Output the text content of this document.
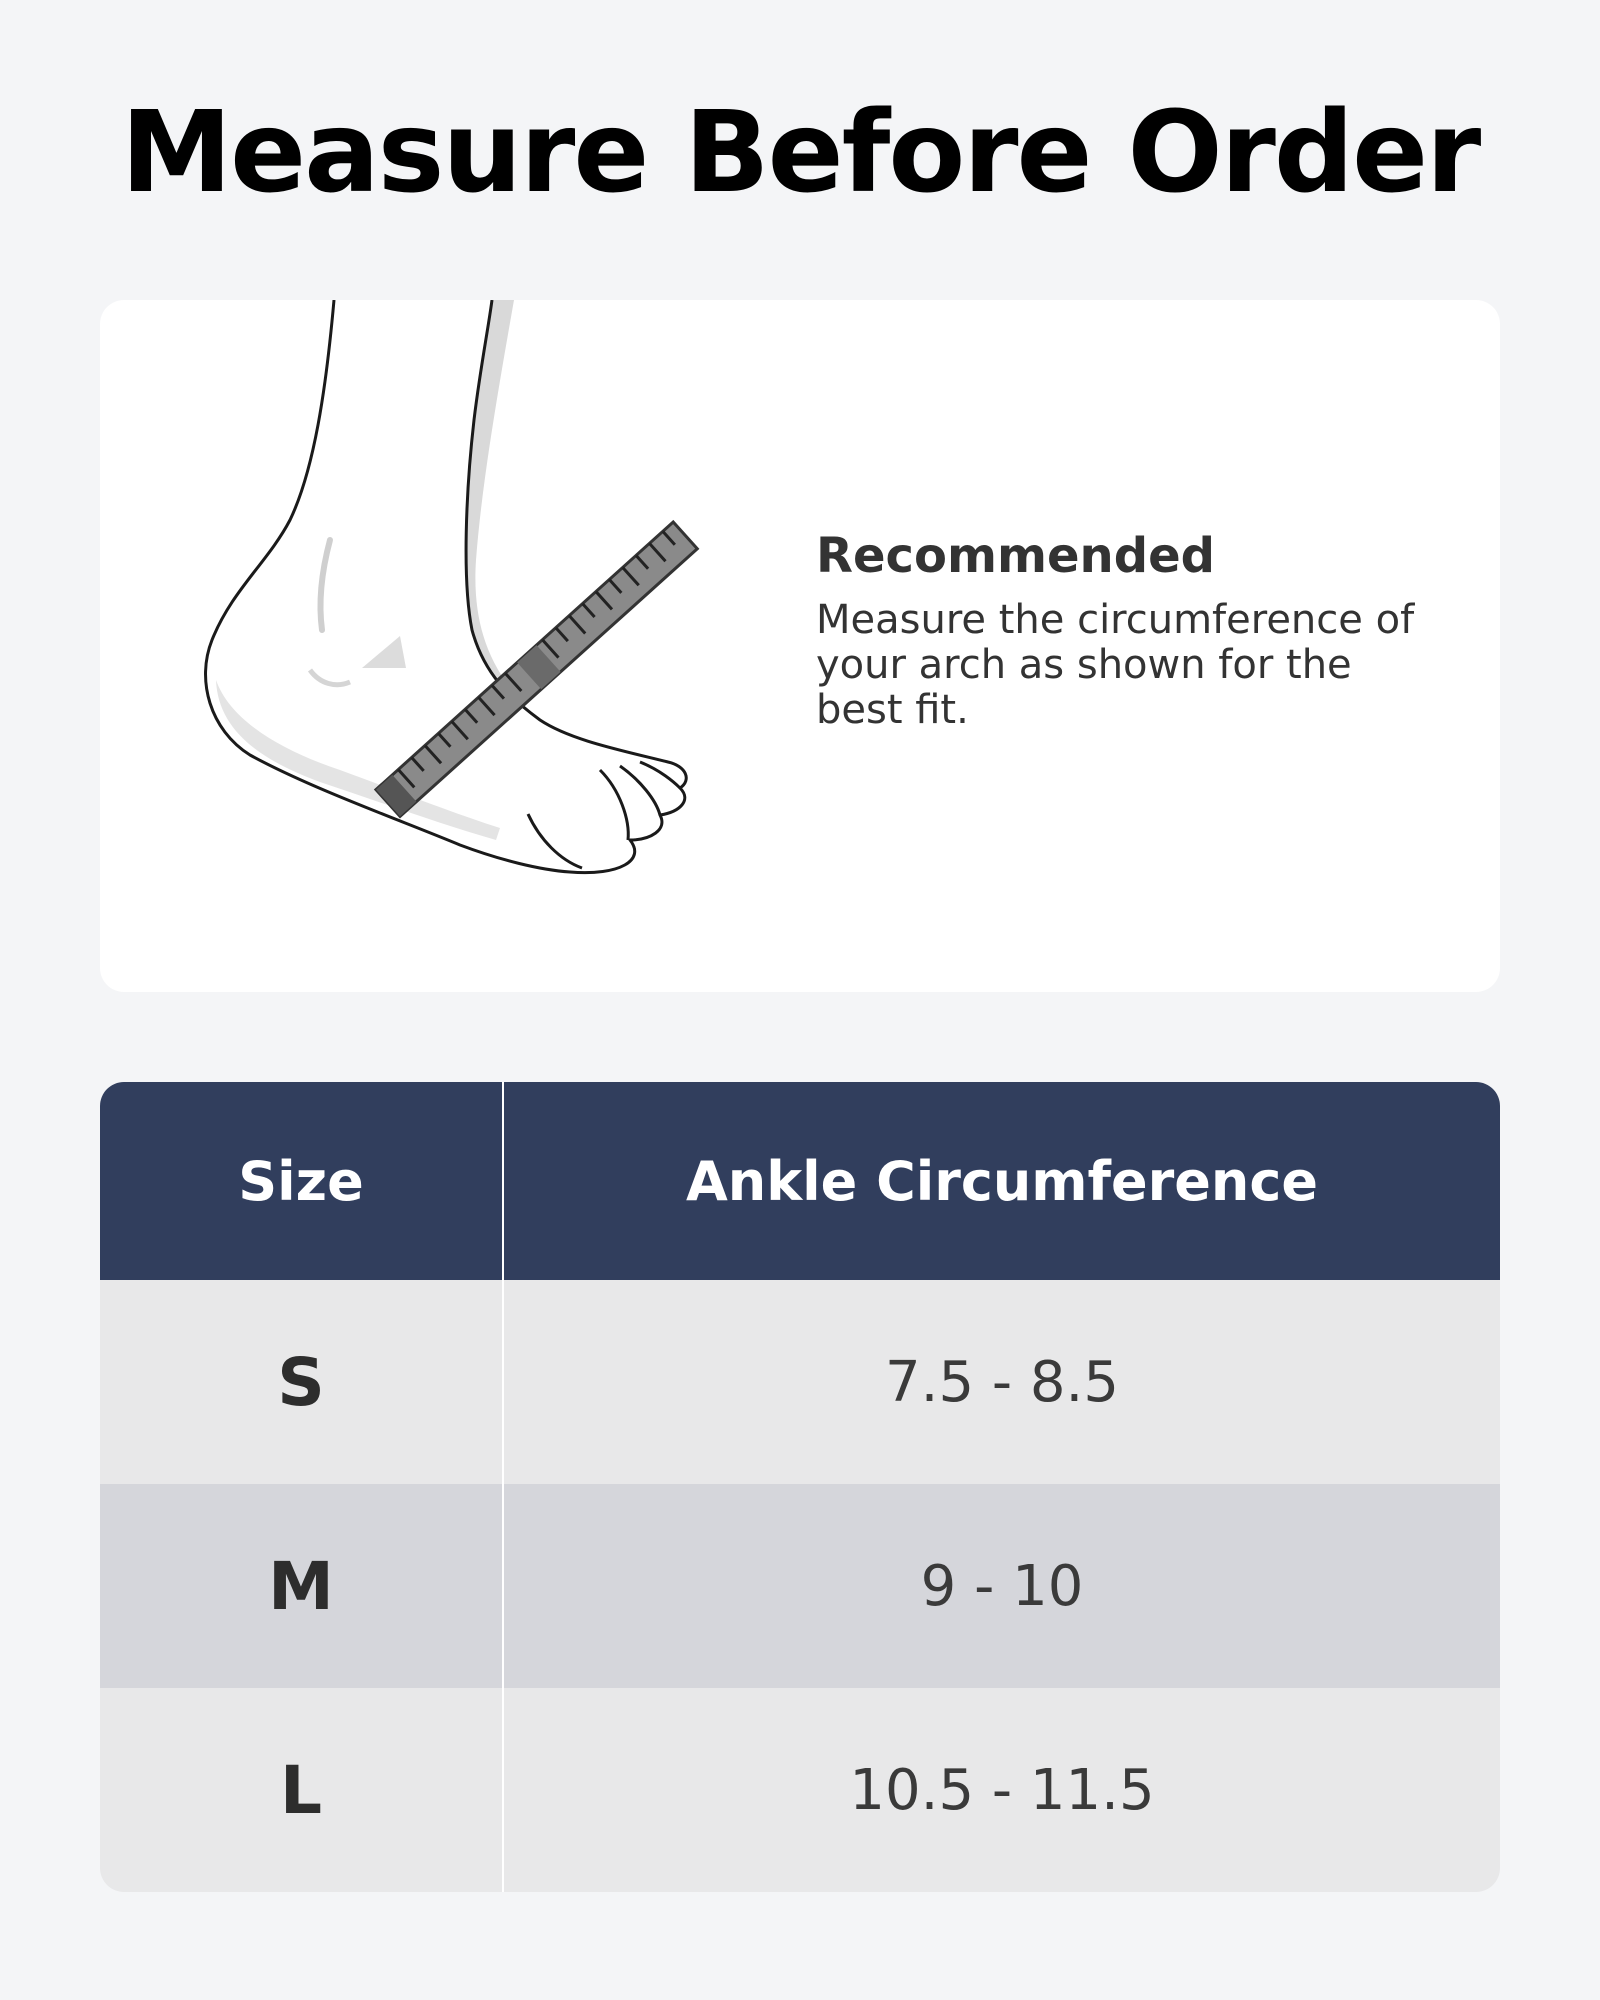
Measure Before Order

Recommended

Measure the circumference of your arch as shown for the best fit.

Size	Ankle Circumference
S	7.5 - 8.5
M	9 - 10
L	10.5 - 11.5
